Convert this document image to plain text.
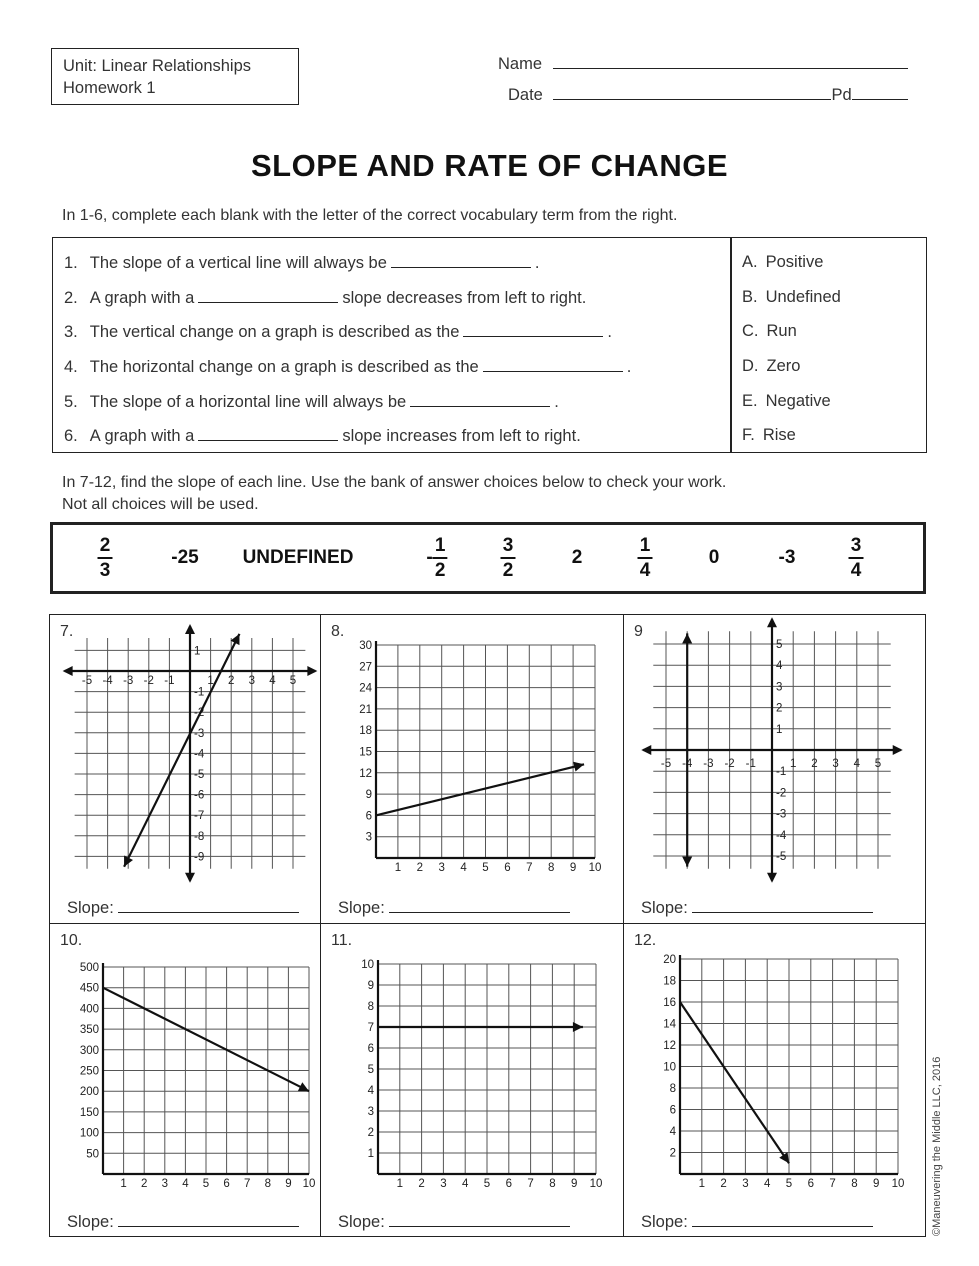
Unit: Linear Relationships
Homework 1
Name
Date	Pd
SLOPE AND RATE OF CHANGE
In 1-6, complete each blank with the letter of the correct vocabulary term from the right.
1. The slope of a vertical line will always be	.
2. A graph with a	slope decreases from left to right.
3. The vertical change on a graph is described as the	.
4. The horizontal change on a graph is described as the	.
5. The slope of a horizontal line will always be	.
6. A graph with a	slope increases from left to right.
A. Positive
B. Undefined
C. Run
D. Zero
E. Negative
F. Rise
In 7-12, find the slope of each line. Use the bank of answer choices below to check your work.
Not all choices will be used.
$\frac{2}{3}$	-25 UNDEFINED	- $\frac{1}{2}$	$\frac{3}{2}$	2	$\frac{1}{4}$	0	-3	$\frac{3}{4}$
7.
-5 -4 -3 -2 -1	1 2 3 4 5
1
-1
-2
-3
-4
-5
-6
-7
-8
-9
Slope:
8.
1 2 3 4 5 6 7 8 9 10
3
6
9
12
15
18
21
24
27
30
Slope:
9
-5 -4 -3 -2 -1	1 2 3 4 5
5
4
3
2
1
-1
-2
-3
-4
-5
Slope:
10.
1 2 3 4 5 6 7 8 9 10
50
100
150
200
250
300
350
400
450
500
Slope:
11.
1 2 3 4 5 6 7 8 9 10
1
2
3
4
5
6
7
8
9
10
Slope:
12.
1 2 3 4 5 6 7 8 9 10
2
4
6
8
10
12
14
16
18
20
Slope:	©Maneuvering the Middle LLC, 2016
